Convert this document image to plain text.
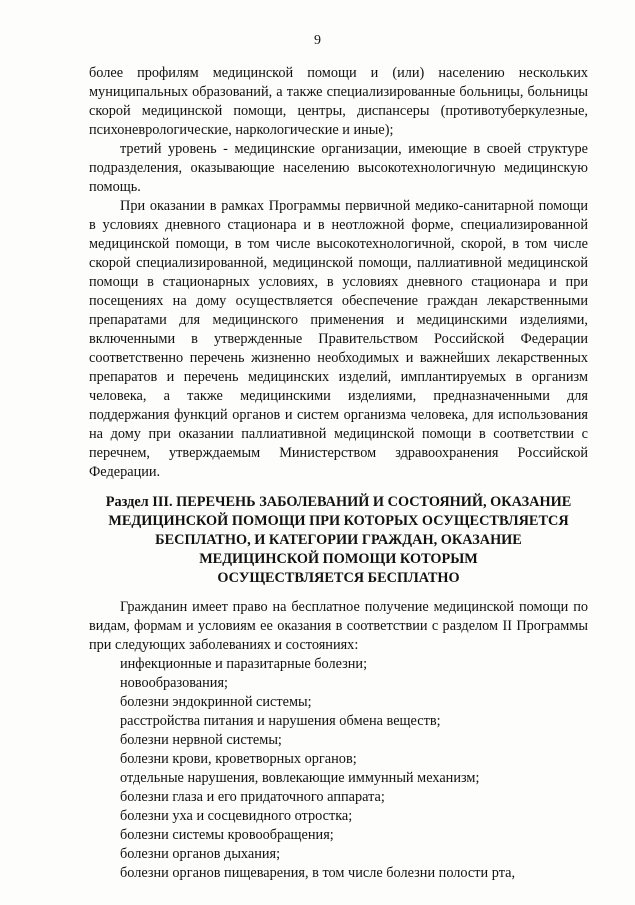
9

более профилям медицинской помощи и (или) населению нескольких муниципальных образований, а также специализированные больницы, больницы скорой медицинской помощи, центры, диспансеры (противотуберкулезные, психоневрологические, наркологические и иные);

третий уровень - медицинские организации, имеющие в своей структуре подразделения, оказывающие населению высокотехнологичную медицинскую помощь.

При оказании в рамках Программы первичной медико-санитарной помощи в условиях дневного стационара и в неотложной форме, специализированной медицинской помощи, в том числе высокотехнологичной, скорой, в том числе скорой специализированной, медицинской помощи, паллиативной медицинской помощи в стационарных условиях, в условиях дневного стационара и при посещениях на дому осуществляется обеспечение граждан лекарственными препаратами для медицинского применения и медицинскими изделиями, включенными в утвержденные Правительством Российской Федерации соответственно перечень жизненно необходимых и важнейших лекарственных препаратов и перечень медицинских изделий, имплантируемых в организм человека, а также медицинскими изделиями, предназначенными для поддержания функций органов и систем организма человека, для использования на дому при оказании паллиативной медицинской помощи в соответствии с перечнем, утверждаемым Министерством здравоохранения Российской Федерации.

Раздел III. ПЕРЕЧЕНЬ ЗАБОЛЕВАНИЙ И СОСТОЯНИЙ, ОКАЗАНИЕ
МЕДИЦИНСКОЙ ПОМОЩИ ПРИ КОТОРЫХ ОСУЩЕСТВЛЯЕТСЯ
БЕСПЛАТНО, И КАТЕГОРИИ ГРАЖДАН, ОКАЗАНИЕ
МЕДИЦИНСКОЙ ПОМОЩИ КОТОРЫМ
ОСУЩЕСТВЛЯЕТСЯ БЕСПЛАТНО

Гражданин имеет право на бесплатное получение медицинской помощи по видам, формам и условиям ее оказания в соответствии с разделом II Программы при следующих заболеваниях и состояниях:

инфекционные и паразитарные болезни;
новообразования;
болезни эндокринной системы;
расстройства питания и нарушения обмена веществ;
болезни нервной системы;
болезни крови, кроветворных органов;
отдельные нарушения, вовлекающие иммунный механизм;
болезни глаза и его придаточного аппарата;
болезни уха и сосцевидного отростка;
болезни системы кровообращения;
болезни органов дыхания;
болезни органов пищеварения, в том числе болезни полости рта,
